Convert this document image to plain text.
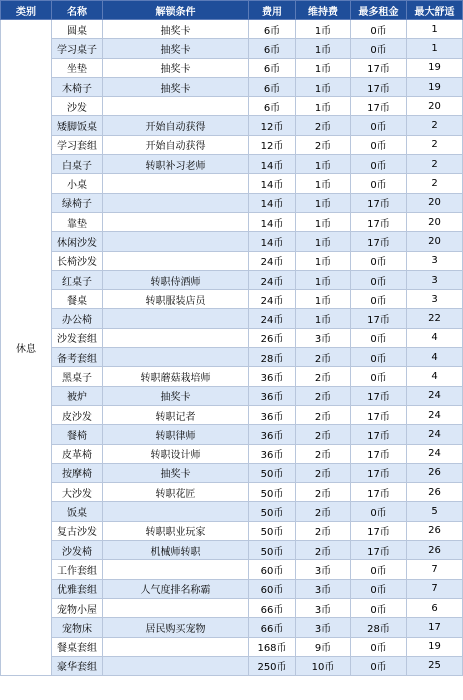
类别	名称	解锁条件	费用	维持费	最多租金	最大舒适
休息	圆桌	抽奖卡	6币	1币	0币	1
	学习桌子	抽奖卡	6币	1币	0币	1
	坐垫	抽奖卡	6币	1币	17币	19
	木椅子	抽奖卡	6币	1币	17币	19
	沙发		6币	1币	17币	20
	矮脚饭桌	开始自动获得	12币	2币	0币	2
	学习套组	开始自动获得	12币	2币	0币	2
	白桌子	转职补习老师	14币	1币	0币	2
	小桌		14币	1币	0币	2
	绿椅子		14币	1币	17币	20
	靠垫		14币	1币	17币	20
	休闲沙发		14币	1币	17币	20
	长椅沙发		24币	1币	0币	3
	红桌子	转职侍酒师	24币	1币	0币	3
	餐桌	转职服装店员	24币	1币	0币	3
	办公椅		24币	1币	17币	22
	沙发套组		26币	3币	0币	4
	备考套组		28币	2币	0币	4
	黑桌子	转职蘑菇栽培师	36币	2币	0币	4
	被炉	抽奖卡	36币	2币	17币	24
	皮沙发	转职记者	36币	2币	17币	24
	餐椅	转职律师	36币	2币	17币	24
	皮革椅	转职设计师	36币	2币	17币	24
	按摩椅	抽奖卡	50币	2币	17币	26
	大沙发	转职花匠	50币	2币	17币	26
	饭桌		50币	2币	0币	5
	复古沙发	转职职业玩家	50币	2币	17币	26
	沙发椅	机械师转职	50币	2币	17币	26
	工作套组		60币	3币	0币	7
	优雅套组	人气度排名称霸	60币	3币	0币	7
	宠物小屋		66币	3币	0币	6
	宠物床	居民购买宠物	66币	3币	28币	17
	餐桌套组		168币	9币	0币	19
	豪华套组		250币	10币	0币	25
